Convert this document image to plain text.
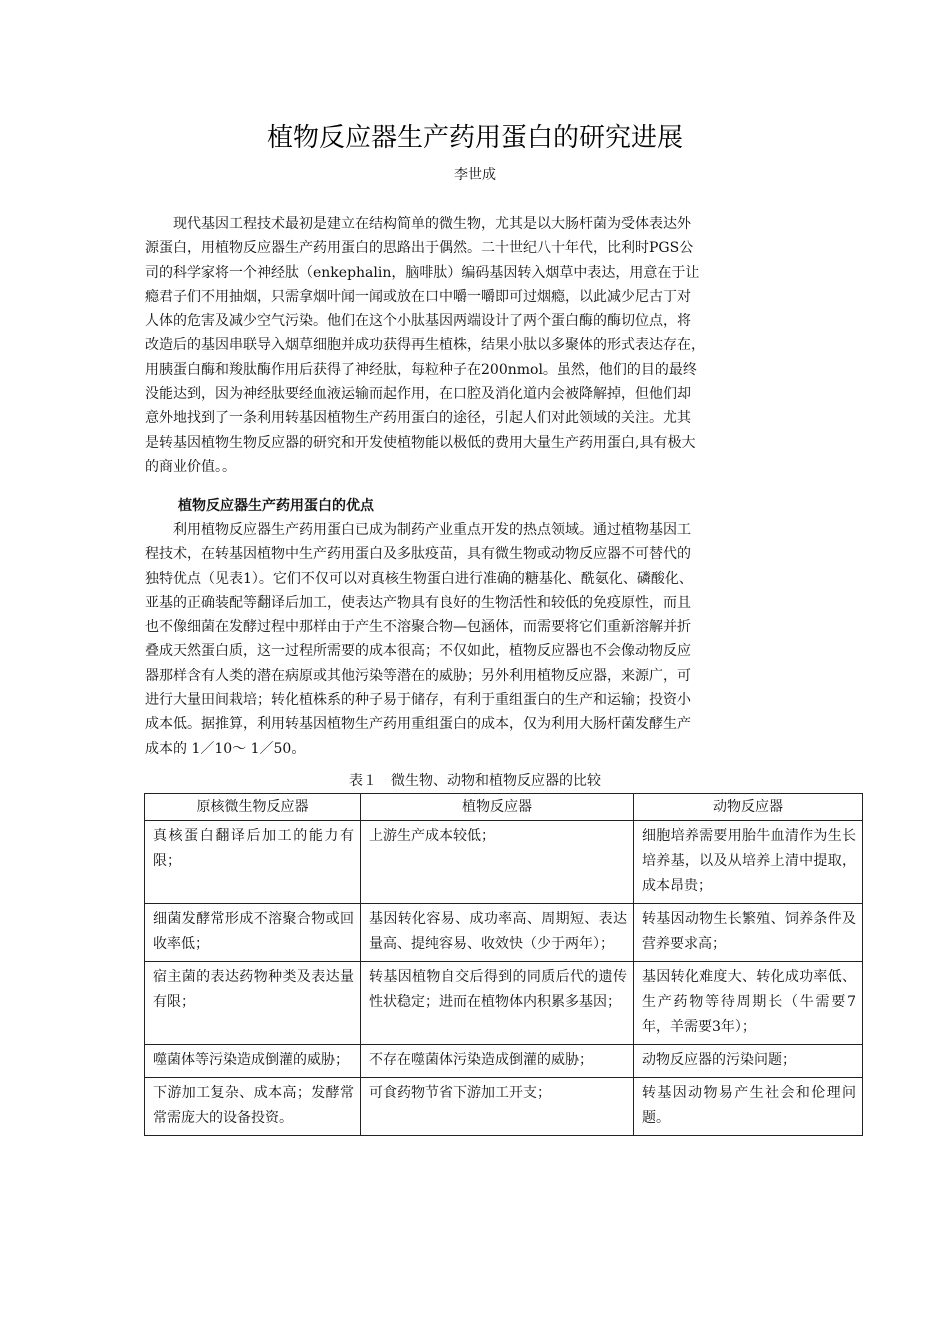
植物反应器生产药用蛋白的研究进展
李世成
　　现代基因工程技术最初是建立在结构简单的微生物，尤其是以大肠杆菌为受体表达外
源蛋白，用植物反应器生产药用蛋白的思路出于偶然。二十世纪八十年代，比利时PGS公
司的科学家将一个神经肽（enkephalin，脑啡肽）编码基因转入烟草中表达，用意在于让
瘾君子们不用抽烟，只需拿烟叶闻一闻或放在口中嚼一嚼即可过烟瘾，以此减少尼古丁对
人体的危害及减少空气污染。他们在这个小肽基因两端设计了两个蛋白酶的酶切位点，将
改造后的基因串联导入烟草细胞并成功获得再生植株，结果小肽以多聚体的形式表达存在，
用胰蛋白酶和羧肽酶作用后获得了神经肽，每粒种子在200nmol。虽然，他们的目的最终
没能达到，因为神经肽要经血液运输而起作用，在口腔及消化道内会被降解掉，但他们却
意外地找到了一条利用转基因植物生产药用蛋白的途径，引起人们对此领域的关注。尤其
是转基因植物生物反应器的研究和开发使植物能以极低的费用大量生产药用蛋白,具有极大
的商业价值。。
植物反应器生产药用蛋白的优点
　　利用植物反应器生产药用蛋白已成为制药产业重点开发的热点领域。通过植物基因工
程技术，在转基因植物中生产药用蛋白及多肽疫苗，具有微生物或动物反应器不可替代的
独特优点（见表1）。它们不仅可以对真核生物蛋白进行准确的糖基化、酰氨化、磷酸化、
亚基的正确装配等翻译后加工，使表达产物具有良好的生物活性和较低的免疫原性，而且
也不像细菌在发酵过程中那样由于产生不溶聚合物—包涵体，而需要将它们重新溶解并折
叠成天然蛋白质，这一过程所需要的成本很高；不仅如此，植物反应器也不会像动物反应
器那样含有人类的潜在病原或其他污染等潜在的威胁；另外利用植物反应器，来源广，可
进行大量田间栽培；转化植株系的种子易于储存，有利于重组蛋白的生产和运输；投资小
成本低。据推算，利用转基因植物生产药用重组蛋白的成本，仅为利用大肠杆菌发酵生产
成本的 1／10～ 1／50。
表１　微生物、动物和植物反应器的比较
原核微生物反应器	植物反应器	动物反应器
真核蛋白翻译后加工的能力有限；	上游生产成本较低；	细胞培养需要用胎牛血清作为生长培养基，以及从培养上清中提取，成本昂贵；
细菌发酵常形成不溶聚合物或回收率低；	基因转化容易、成功率高、周期短、表达量高、提纯容易、收效快（少于两年）；	转基因动物生长繁殖、饲养条件及营养要求高；
宿主菌的表达药物种类及表达量有限；	转基因植物自交后得到的同质后代的遗传性状稳定；进而在植物体内积累多基因；	基因转化难度大、转化成功率低、生产药物等待周期长（牛需要7年，羊需要3年）；
噬菌体等污染造成倒灌的威胁；	不存在噬菌体污染造成倒灌的威胁；	动物反应器的污染问题；
下游加工复杂、成本高；发酵常常需庞大的设备投资。	可食药物节省下游加工开支；	转基因动物易产生社会和伦理问题。
